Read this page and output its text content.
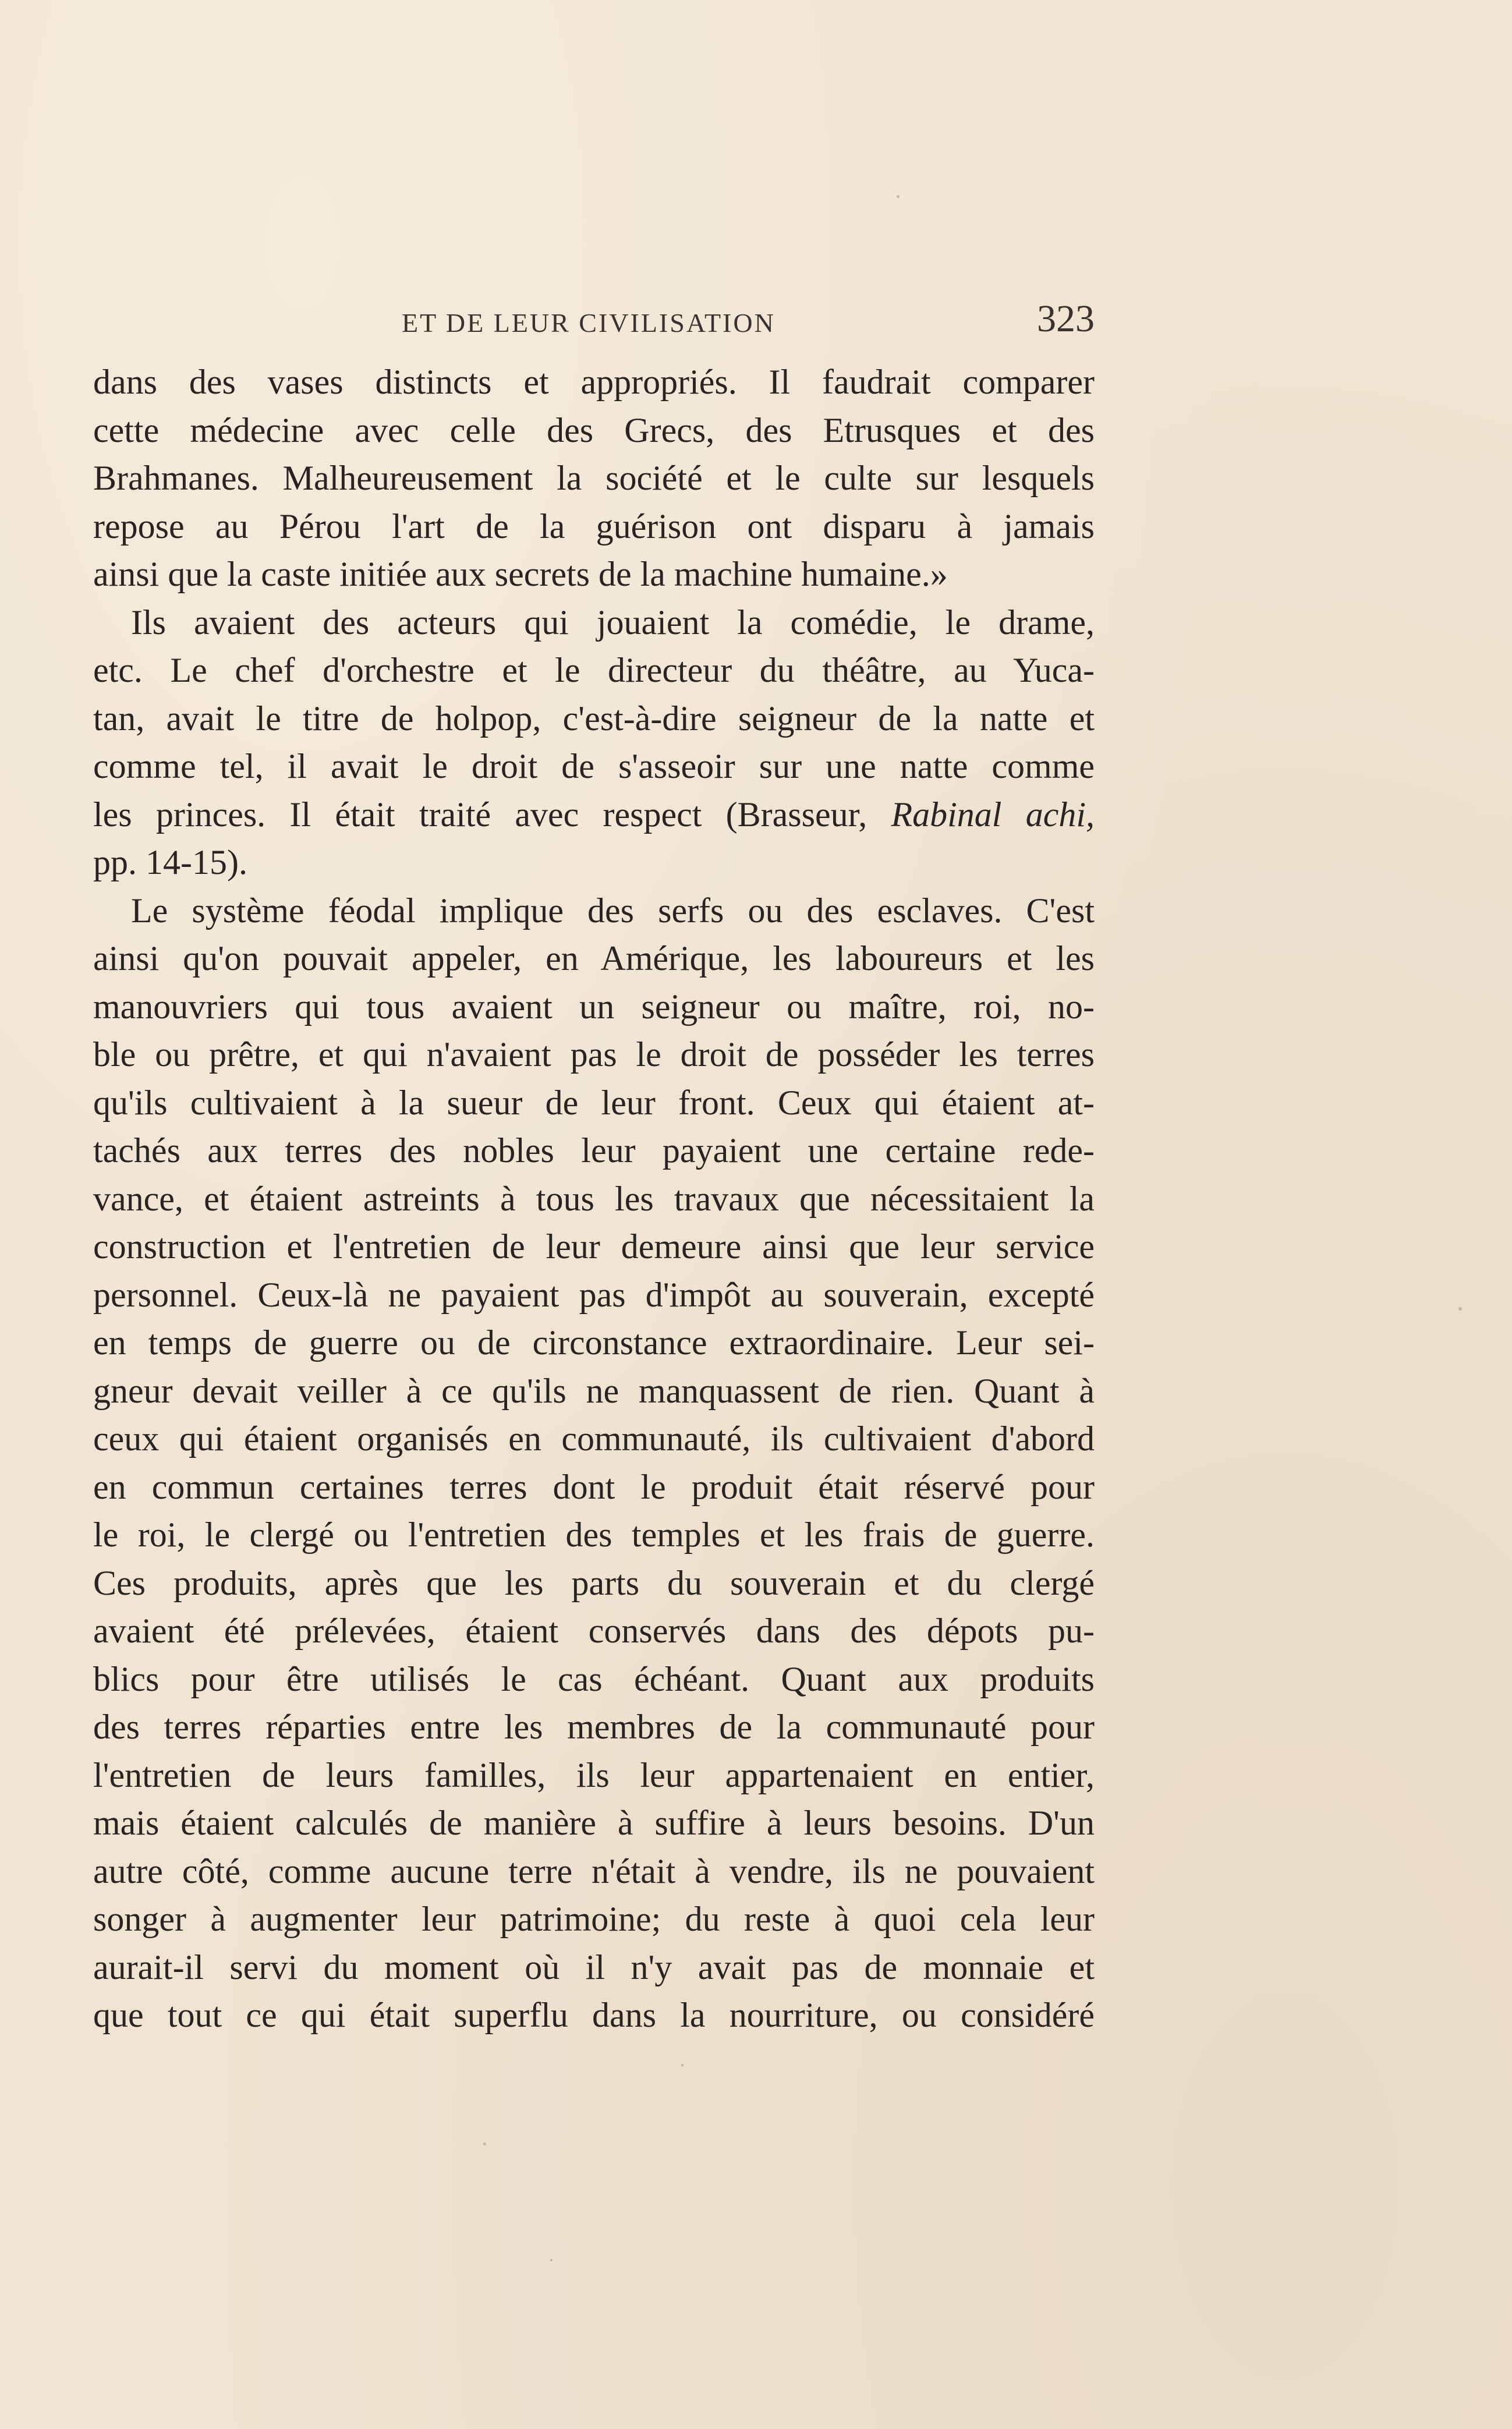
ET DE LEUR CIVILISATION	323
dans des vases distincts et appropriés. Il faudrait comparer
cette médecine avec celle des Grecs, des Etrusques et des
Brahmanes. Malheureusement la société et le culte sur lesquels
repose au Pérou l'art de la guérison ont disparu à jamais
ainsi que la caste initiée aux secrets de la machine humaine.»
Ils avaient des acteurs qui jouaient la comédie, le drame,
etc. Le chef d'orchestre et le directeur du théâtre, au Yuca-
tan, avait le titre de holpop, c'est-à-dire seigneur de la natte et
comme tel, il avait le droit de s'asseoir sur une natte comme
les princes. Il était traité avec respect (Brasseur, Rabinal achi,
pp. 14-15).
Le système féodal implique des serfs ou des esclaves. C'est
ainsi qu'on pouvait appeler, en Amérique, les laboureurs et les
manouvriers qui tous avaient un seigneur ou maître, roi, no-
ble ou prêtre, et qui n'avaient pas le droit de posséder les terres
qu'ils cultivaient à la sueur de leur front. Ceux qui étaient at-
tachés aux terres des nobles leur payaient une certaine rede-
vance, et étaient astreints à tous les travaux que nécessitaient la
construction et l'entretien de leur demeure ainsi que leur service
personnel. Ceux-là ne payaient pas d'impôt au souverain, excepté
en temps de guerre ou de circonstance extraordinaire. Leur sei-
gneur devait veiller à ce qu'ils ne manquassent de rien. Quant à
ceux qui étaient organisés en communauté, ils cultivaient d'abord
en commun certaines terres dont le produit était réservé pour
le roi, le clergé ou l'entretien des temples et les frais de guerre.
Ces produits, après que les parts du souverain et du clergé
avaient été prélevées, étaient conservés dans des dépots pu-
blics pour être utilisés le cas échéant. Quant aux produits
des terres réparties entre les membres de la communauté pour
l'entretien de leurs familles, ils leur appartenaient en entier,
mais étaient calculés de manière à suffire à leurs besoins. D'un
autre côté, comme aucune terre n'était à vendre, ils ne pouvaient
songer à augmenter leur patrimoine; du reste à quoi cela leur
aurait-il servi du moment où il n'y avait pas de monnaie et
que tout ce qui était superflu dans la nourriture, ou considéré
